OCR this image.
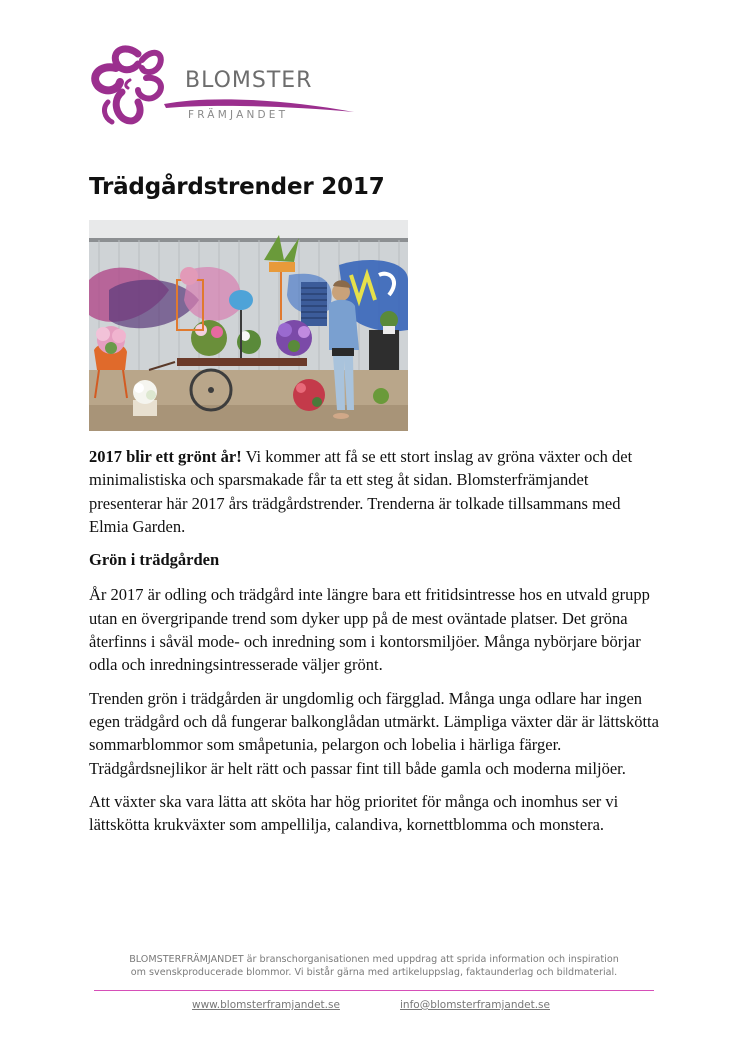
BLOMSTER
FRÄMJANDET
Trädgårdstrender 2017

2017 blir ett grönt år! Vi kommer att få se ett stort inslag av gröna växter och det minimalistiska och sparsmakade får ta ett steg åt sidan. Blomsterfrämjandet presenterar här 2017 års trädgårdstrender. Trenderna är tolkade tillsammans med Elmia Garden.

Grön i trädgården

År 2017 är odling och trädgård inte längre bara ett fritidsintresse hos en utvald grupp utan en övergripande trend som dyker upp på de mest oväntade platser. Det gröna återfinns i såväl mode- och inredning som i kontorsmiljöer. Många nybörjare börjar odla och inredningsintresserade väljer grönt.

Trenden grön i trädgården är ungdomlig och färgglad. Många unga odlare har ingen egen trädgård och då fungerar balkonglådan utmärkt. Lämpliga växter där är lättskötta sommarblommor som småpetunia, pelargon och lobelia i härliga färger. Trädgårdsnejlikor är helt rätt och passar fint till både gamla och moderna miljöer.

Att växter ska vara lätta att sköta har hög prioritet för många och inomhus ser vi lättskötta krukväxter som ampellilja, calandiva, kornettblomma och monstera.

BLOMSTERFRÄMJANDET är branschorganisationen med uppdrag att sprida information och inspiration
om svenskproducerade blommor. Vi bistår gärna med artikeluppslag, faktaunderlag och bildmaterial.
www.blomsterframjandet.se	info@blomsterframjandet.se
